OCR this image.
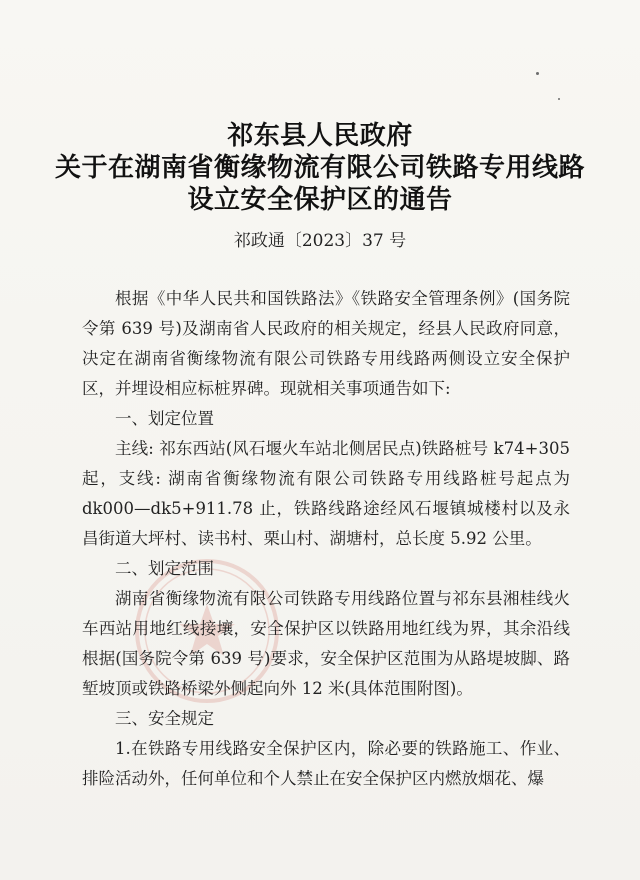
祁东县人民政府
关于在湖南省衡缘物流有限公司铁路专用线路
设立安全保护区的通告
祁政通〔2023〕37 号

根据《中华人民共和国铁路法》《铁路安全管理条例》(国务院令第 639 号)及湖南省人民政府的相关规定，经县人民政府同意，决定在湖南省衡缘物流有限公司铁路专用线路两侧设立安全保护区，并埋设相应标桩界碑。现就相关事项通告如下:

一、划定位置

主线: 祁东西站(风石堰火车站北侧居民点)铁路桩号 k74+305 起，支线: 湖南省衡缘物流有限公司铁路专用线路桩号起点为 dk000—dk5+911.78 止，铁路线路途经风石堰镇城楼村以及永昌街道大坪村、读书村、栗山村、湖塘村，总长度 5.92 公里。

二、划定范围

湖南省衡缘物流有限公司铁路专用线路位置与祁东县湘桂线火车西站用地红线接壤，安全保护区以铁路用地红线为界，其余沿线根据(国务院令第 639 号)要求，安全保护区范围为从路堤坡脚、路堑坡顶或铁路桥梁外侧起向外 12 米(具体范围附图)。

三、安全规定

1.在铁路专用线路安全保护区内，除必要的铁路施工、作业、排险活动外，任何单位和个人禁止在安全保护区内燃放烟花、爆
